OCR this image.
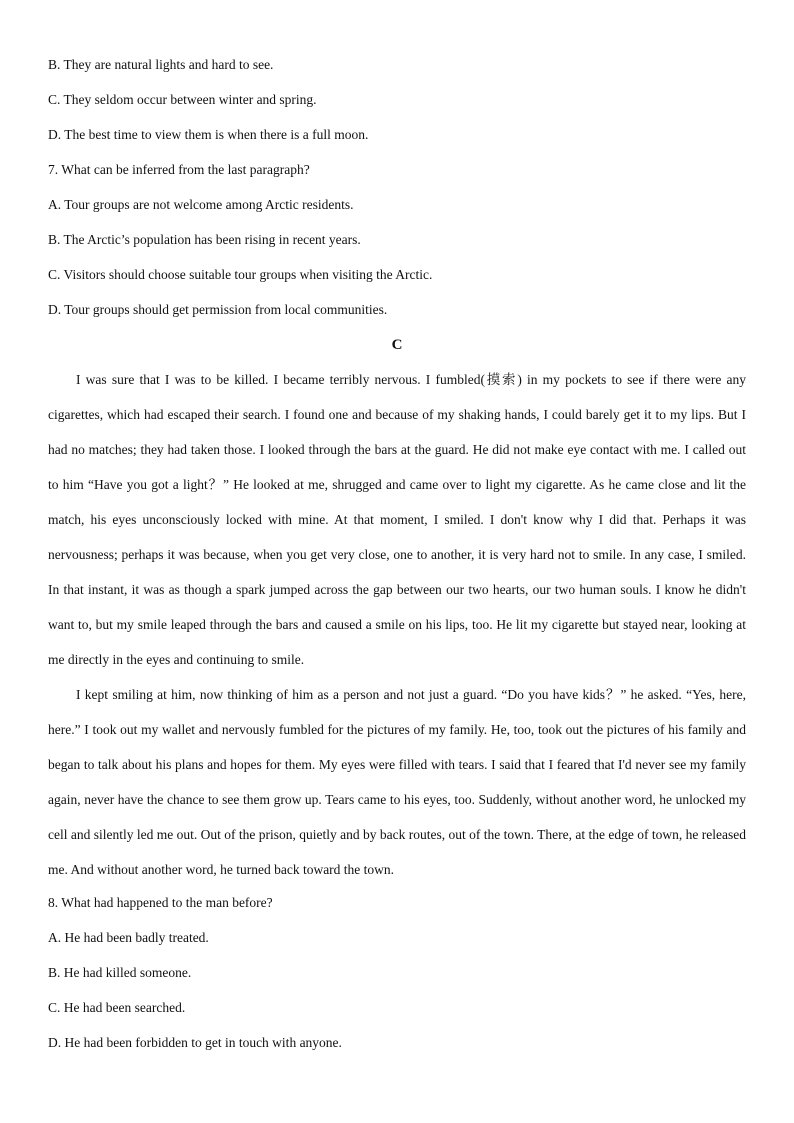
B. They are natural lights and hard to see.
C. They seldom occur between winter and spring.
D. The best time to view them is when there is a full moon.
7. What can be inferred from the last paragraph?
A. Tour groups are not welcome among Arctic residents.
B. The Arctic’s population has been rising in recent years.
C. Visitors should choose suitable tour groups when visiting the Arctic.
D. Tour groups should get permission from local communities.
C

I was sure that I was to be killed. I became terribly nervous. I fumbled(摸索) in my pockets to see if there were any cigarettes, which had escaped their search. I found one and because of my shaking hands, I could barely get it to my lips. But I had no matches; they had taken those. I looked through the bars at the guard. He did not make eye contact with me. I called out to him “Have you got a light？” He looked at me, shrugged and came over to light my cigarette. As he came close and lit the match, his eyes unconsciously locked with mine. At that moment, I smiled. I don't know why I did that. Perhaps it was nervousness; perhaps it was because, when you get very close, one to another, it is very hard not to smile. In any case, I smiled. In that instant, it was as though a spark jumped across the gap between our two hearts, our two human souls. I know he didn't want to, but my smile leaped through the bars and caused a smile on his lips, too. He lit my cigarette but stayed near, looking at me directly in the eyes and continuing to smile.

I kept smiling at him, now thinking of him as a person and not just a guard. “Do you have kids？” he asked. “Yes, here, here.” I took out my wallet and nervously fumbled for the pictures of my family. He, too, took out the pictures of his family and began to talk about his plans and hopes for them. My eyes were filled with tears. I said that I feared that I'd never see my family again, never have the chance to see them grow up. Tears came to his eyes, too. Suddenly, without another word, he unlocked my cell and silently led me out. Out of the prison, quietly and by back routes, out of the town. There, at the edge of town, he released me. And without another word, he turned back toward the town.

8. What had happened to the man before?
A. He had been badly treated.
B. He had killed someone.
C. He had been searched.
D. He had been forbidden to get in touch with anyone.
